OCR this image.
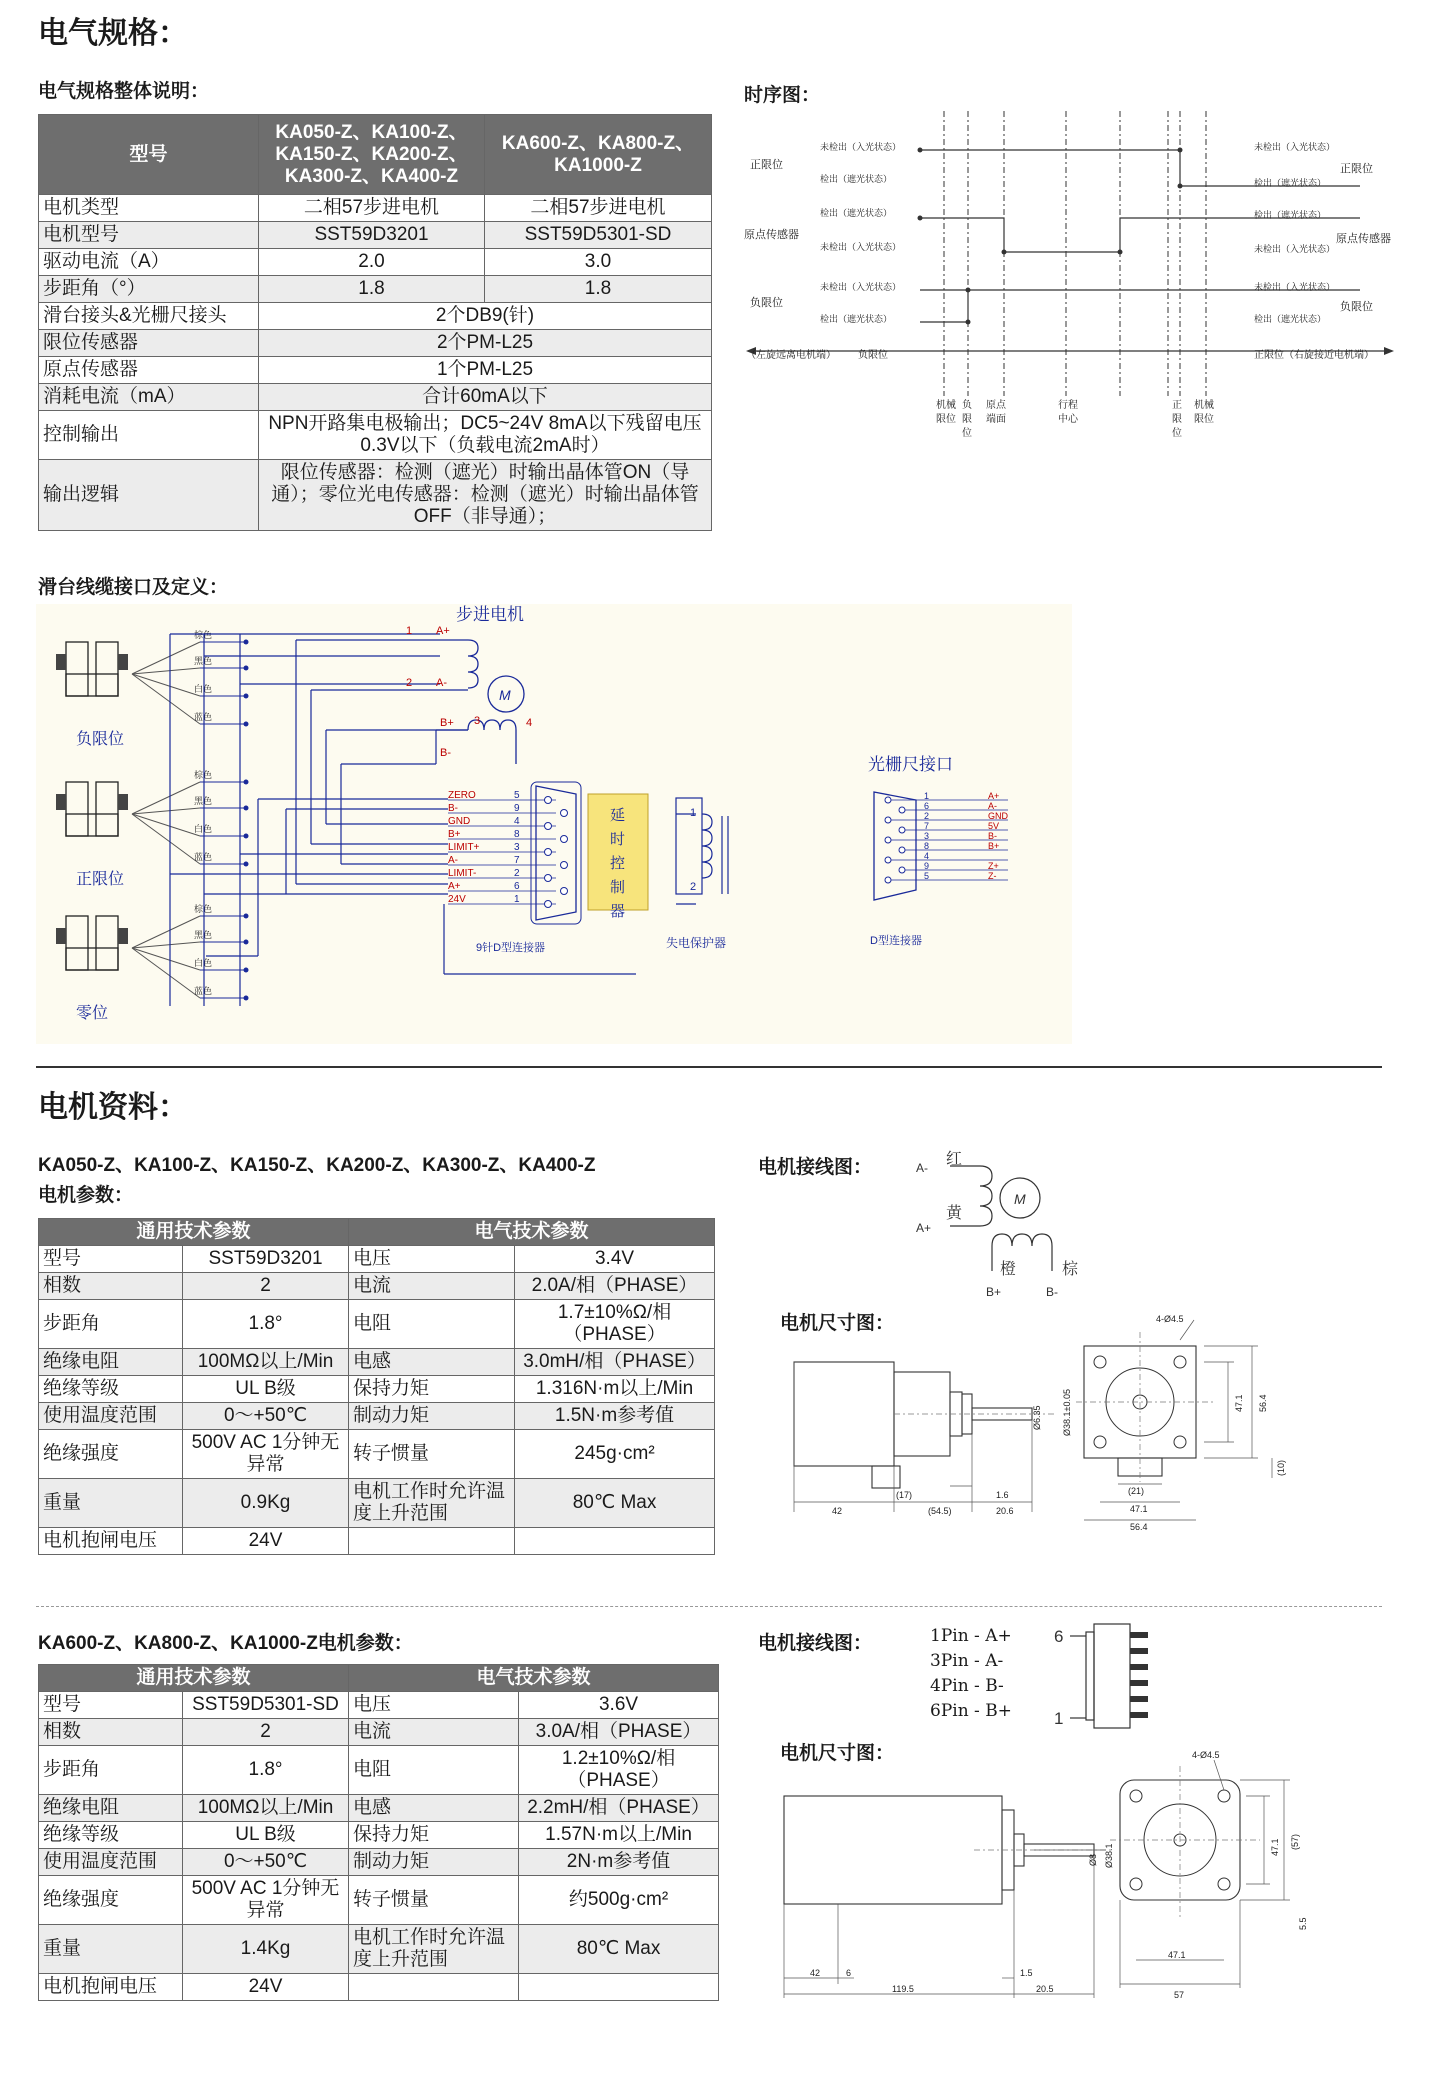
电气规格：
电气规格整体说明：	时序图：
型号	KA050-Z、KA100-Z、KA150-Z、KA200-Z、KA300-Z、KA400-Z	KA600-Z、KA800-Z、KA1000-Z
电机类型	二相57步进电机	二相57步进电机
电机型号	SST59D3201	SST59D5301-SD
驱动电流（A）	2.0	3.0
步距角（°）	1.8	1.8
滑台接头&光栅尺接头	2个DB9(针)	
限位传感器	2个PM-L25	
原点传感器	1个PM-L25	
消耗电流（mA）	合计60mA以下	
控制输出	NPN开路集电极输出；DC5~24V 8mA以下残留电压0.3V以下（负载电流2mA时）	
输出逻辑	限位传感器：检测（遮光）时输出晶体管ON（导通）；零位光电传感器：检测（遮光）时输出晶体管OFF（非导通）；	
未检出（入光状态）
检出（遮光状态）
检出（遮光状态）
未检出（入光状态）
未检出（入光状态）
检出（遮光状态）
未检出（入光状态）
检出（遮光状态）
检出（遮光状态）
未检出（入光状态）
未检出（入光状态）
检出（遮光状态）
正限位
原点传感器
负限位
正限位
原点传感器
负限位
（左旋远离电机端） 负限位	正限位（右旋接近电机端）
机械
限位
负
限
位
原点
端面
行程
中心
正
限
位
机械
限位
滑台线缆接口及定义：
棕色
黑色
白色
蓝色
负限位
棕色
黑色
白色
蓝色
正限位
棕色
黑色
白色
蓝色
零位
M
步进电机
1 A+
2 A-
3
B+	4
B-
ZERO	5
B-	9
GND	4
B+	8
LIMIT+	3
A-	7
LIMIT-	2
A+	6
24V	1
9针D型连接器
延时控制器
延
时
控
制
器
1
2
失电保护器
光栅尺接口
1	A+
6	A-
2	GND
7	5V
3	B-
8	B+
4
9	Z+
5	Z-
D型连接器
电机资料：
KA050-Z、KA100-Z、KA150-Z、KA200-Z、KA300-Z、KA400-Z
电机参数：
通用技术参数		电气技术参数	
型号	SST59D3201	电压	3.4V
相数	2	电流	2.0A/相（PHASE）
步距角	1.8°	电阻	1.7±10%Ω/相（PHASE）
绝缘电阻	100MΩ以上/Min	电感	3.0mH/相（PHASE）
绝缘等级	UL B级	保持力矩	1.316N·m以上/Min
使用温度范围	0～+50℃	制动力矩	1.5N·m参考值
绝缘强度	500V AC 1分钟无异常	转子惯量	245g·cm²
重量	0.9Kg	电机工作时允许温度上升范围	80℃ Max
电机抱闸电压	24V		
电机接线图：
M
红
黄
橙	棕
A-
A+
B+	B-
电机尺寸图：
42
(17)
(54.5)
1.6
20.6
Ø6.35 Ø38.1±0.05
4-Ø4.5
47.1 56.4
(10)
(21)
47.1
56.4
KA600-Z、KA800-Z、KA1000-Z电机参数：
通用技术参数		电气技术参数	
型号	SST59D5301-SD	电压	3.6V
相数	2	电流	3.0A/相（PHASE）
步距角	1.8°	电阻	1.2±10%Ω/相（PHASE）
绝缘电阻	100MΩ以上/Min	电感	2.2mH/相（PHASE）
绝缘等级	UL B级	保持力矩	1.57N·m以上/Min
使用温度范围	0～+50℃	制动力矩	2N·m参考值
绝缘强度	500V AC 1分钟无异常	转子惯量	约500g·cm²
重量	1.4Kg	电机工作时允许温度上升范围	80℃ Max
电机抱闸电压	24V		
电机接线图：	1Pin - A+
3Pin - A-
4Pin - B-
6Pin - B+
6
1
电机尺寸图：
42	6
119.5
1.5
20.5
Ø8 Ø38.1
4-Ø4.5
47.1 (57)
5.5
47.1
57
